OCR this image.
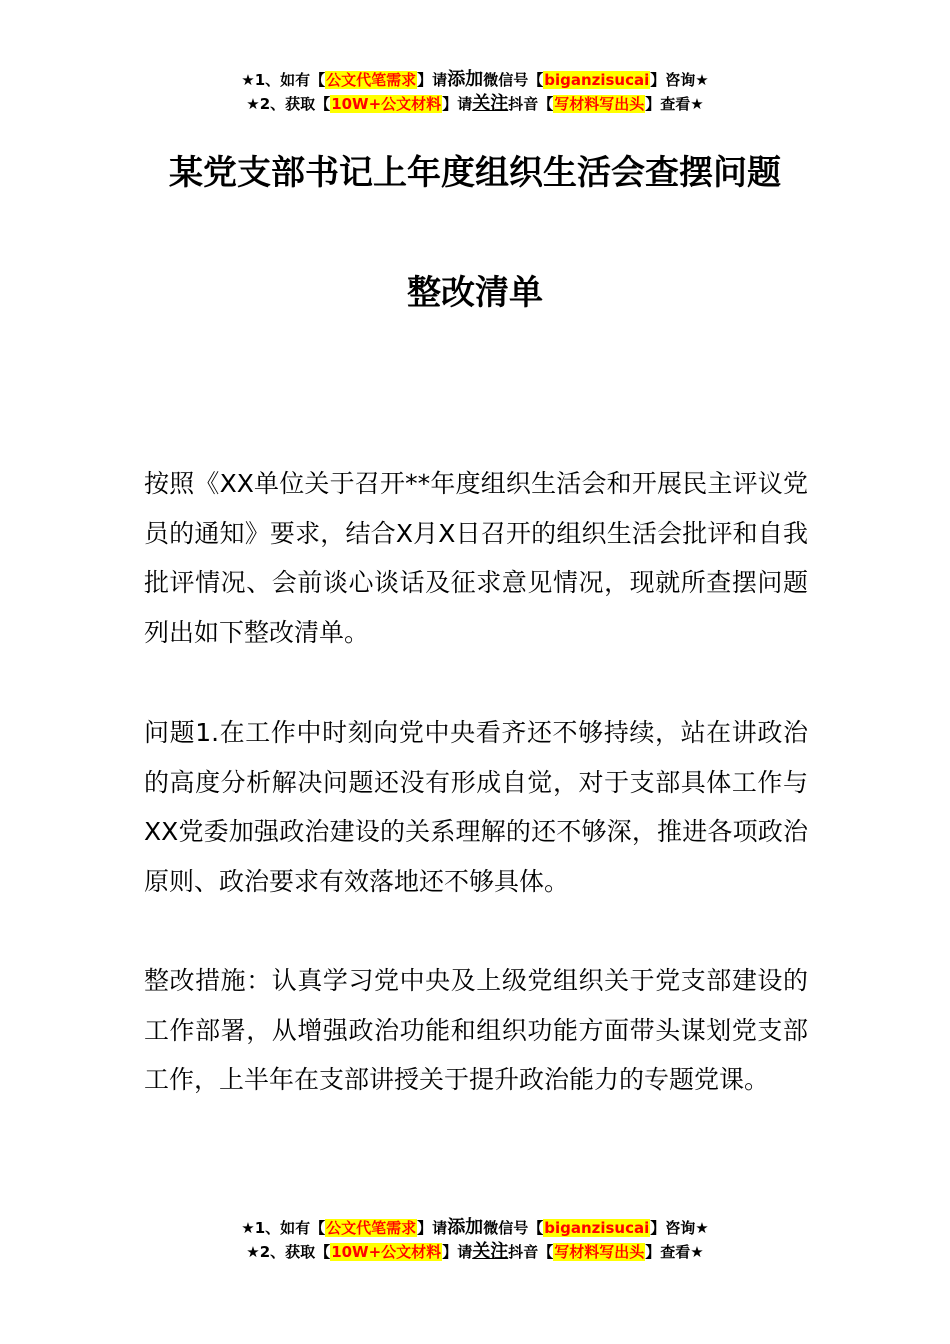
★1、如有【公文代笔需求】请添加微信号【biganzisucai】咨询★
★2、获取【10W+公文材料】请关注抖音【写材料写出头】查看★
某党支部书记上年度组织生活会查摆问题
整改清单

按照《XX单位关于召开**年度组织生活会和开展民主评议党员的通知》要求，结合X月X日召开的组织生活会批评和自我批评情况、会前谈心谈话及征求意见情况，现就所查摆问题列出如下整改清单。

问题1.在工作中时刻向党中央看齐还不够持续，站在讲政治的高度分析解决问题还没有形成自觉，对于支部具体工作与XX党委加强政治建设的关系理解的还不够深，推进各项政治原则、政治要求有效落地还不够具体。

整改措施：认真学习党中央及上级党组织关于党支部建设的工作部署，从增强政治功能和组织功能方面带头谋划党支部工作，上半年在支部讲授关于提升政治能力的专题党课。

★1、如有【公文代笔需求】请添加微信号【biganzisucai】咨询★
★2、获取【10W+公文材料】请关注抖音【写材料写出头】查看★
